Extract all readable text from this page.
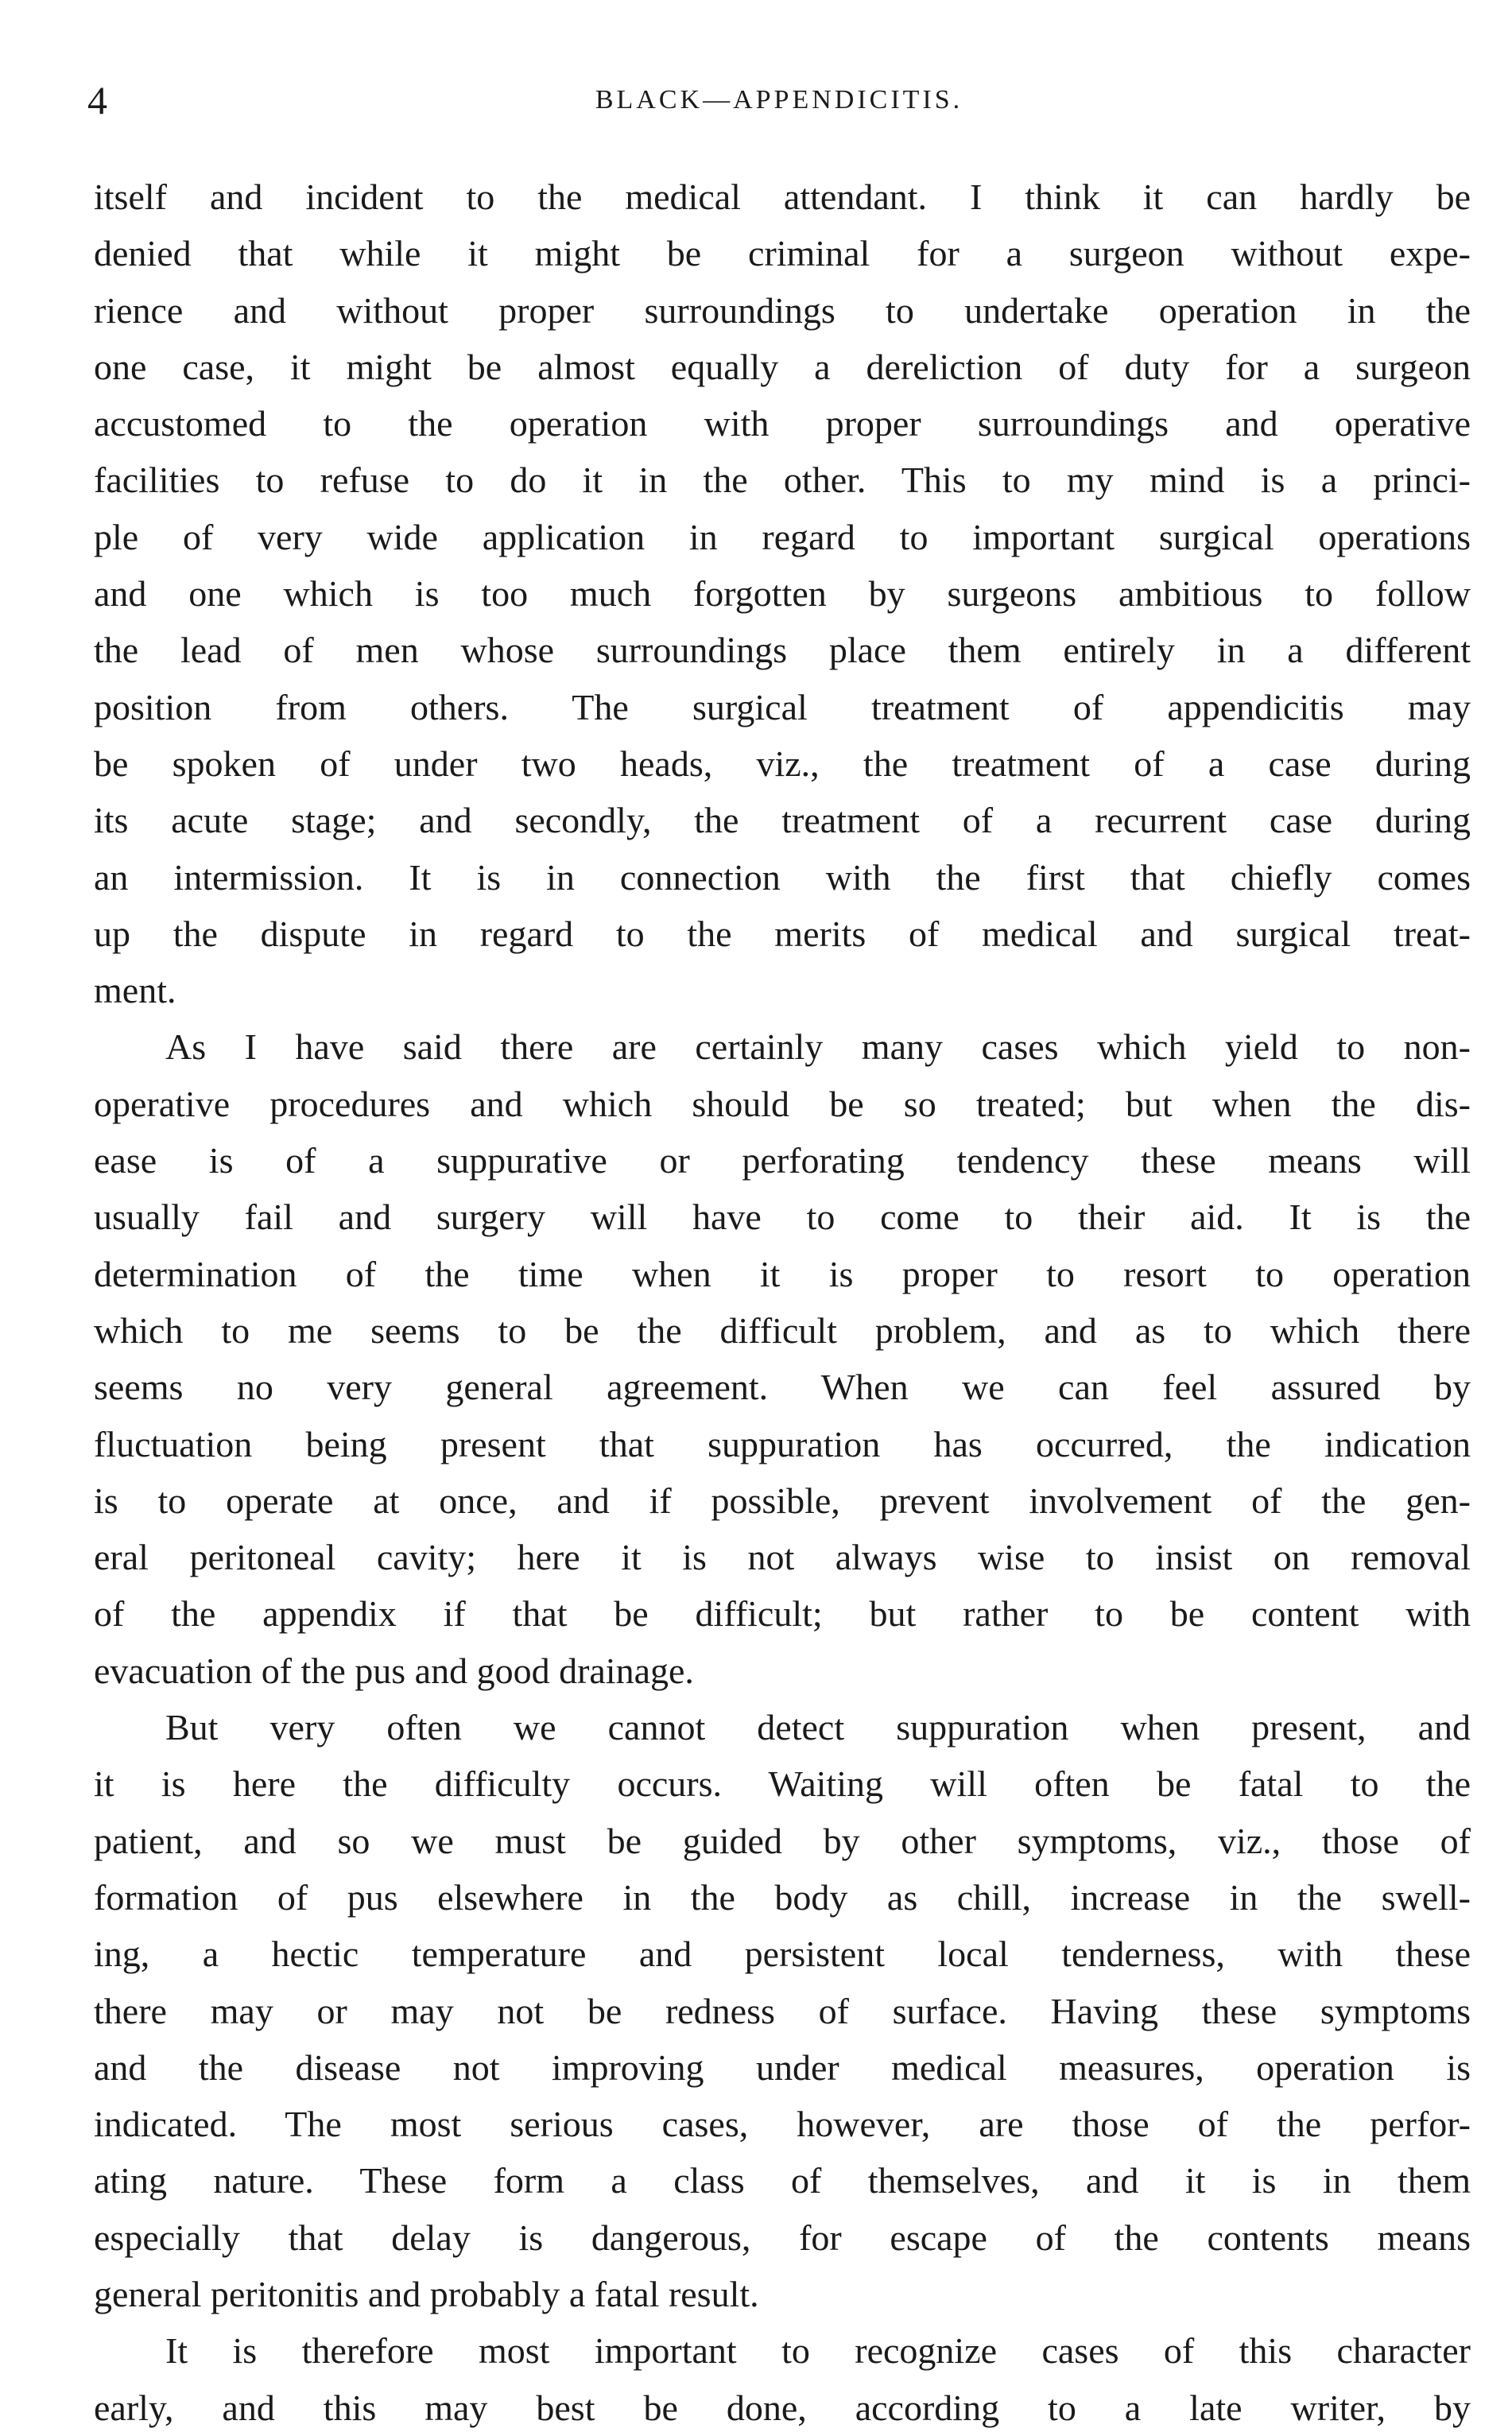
4	BLACK—APPENDICITIS.
itself and incident to the medical attendant. I think it can hardly be
denied that while it might be criminal for a surgeon without expe-
rience and without proper surroundings to undertake operation in the
one case, it might be almost equally a dereliction of duty for a surgeon
accustomed to the operation with proper surroundings and operative
facilities to refuse to do it in the other. This to my mind is a princi-
ple of very wide application in regard to important surgical operations
and one which is too much forgotten by surgeons ambitious to follow
the lead of men whose surroundings place them entirely in a different
position from others. The surgical treatment of appendicitis may
be spoken of under two heads, viz., the treatment of a case during
its acute stage; and secondly, the treatment of a recurrent case during
an intermission. It is in connection with the first that chiefly comes
up the dispute in regard to the merits of medical and surgical treat-
ment.
As I have said there are certainly many cases which yield to non-
operative procedures and which should be so treated; but when the dis-
ease is of a suppurative or perforating tendency these means will
usually fail and surgery will have to come to their aid. It is the
determination of the time when it is proper to resort to operation
which to me seems to be the difficult problem, and as to which there
seems no very general agreement. When we can feel assured by
fluctuation being present that suppuration has occurred, the indication
is to operate at once, and if possible, prevent involvement of the gen-
eral peritoneal cavity; here it is not always wise to insist on removal
of the appendix if that be difficult; but rather to be content with
evacuation of the pus and good drainage.
But very often we cannot detect suppuration when present, and
it is here the difficulty occurs. Waiting will often be fatal to the
patient, and so we must be guided by other symptoms, viz., those of
formation of pus elsewhere in the body as chill, increase in the swell-
ing, a hectic temperature and persistent local tenderness, with these
there may or may not be redness of surface. Having these symptoms
and the disease not improving under medical measures, operation is
indicated. The most serious cases, however, are those of the perfor-
ating nature. These form a class of themselves, and it is in them
especially that delay is dangerous, for escape of the contents means
general peritonitis and probably a fatal result.
It is therefore most important to recognize cases of this character
early, and this may best be done, according to a late writer, by
